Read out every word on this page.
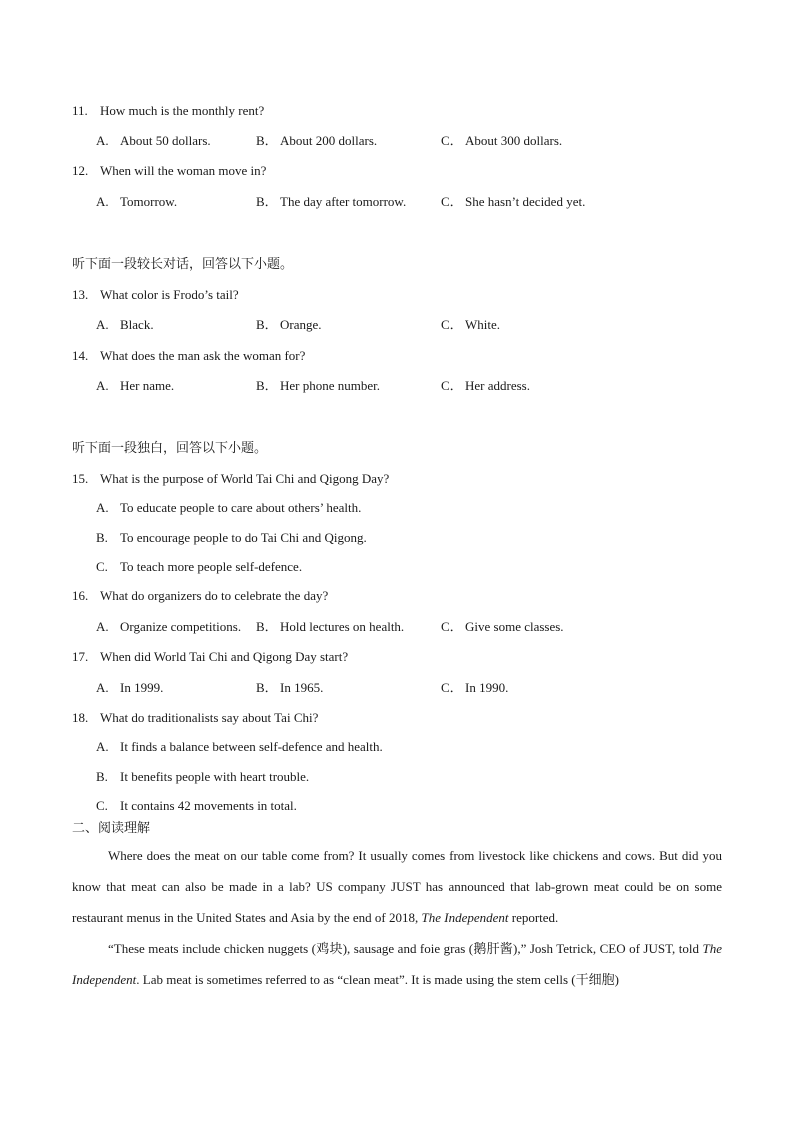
11. How much is the monthly rent?
A. About 50 dollars.	B． About 200 dollars.	C． About 300 dollars.
12. When will the woman move in?
A. Tomorrow.	B． The day after tomorrow.	C． She hasn’t decided yet.
听下面一段较长对话，回答以下小题。
13. What color is Frodo’s tail?
A. Black.	B． Orange.	C． White.
14. What does the man ask the woman for?
A. Her name.	B． Her phone number.	C． Her address.
听下面一段独白，回答以下小题。
15. What is the purpose of World Tai Chi and Qigong Day?
A. To educate people to care about others’ health.
B. To encourage people to do Tai Chi and Qigong.
C. To teach more people self-defence.
16. What do organizers do to celebrate the day?
A. Organize competitions. B． Hold lectures on health.	C． Give some classes.
17. When did World Tai Chi and Qigong Day start?
A. In 1999.	B． In 1965.	C． In 1990.
18. What do traditionalists say about Tai Chi?
A. It finds a balance between self-defence and health.
B. It benefits people with heart trouble.
C. It contains 42 movements in total.
二、阅读理解

Where does the meat on our table come from? It usually comes from livestock like chickens and cows. But did you know that meat can also be made in a lab? US company JUST has announced that lab-grown meat could be on some restaurant menus in the United States and Asia by the end of 2018, The Independent reported.

“These meats include chicken nuggets (鸡块), sausage and foie gras (鹅肝酱),” Josh Tetrick, CEO of JUST, told The Independent. Lab meat is sometimes referred to as “clean meat”. It is made using the stem cells (干细胞)
